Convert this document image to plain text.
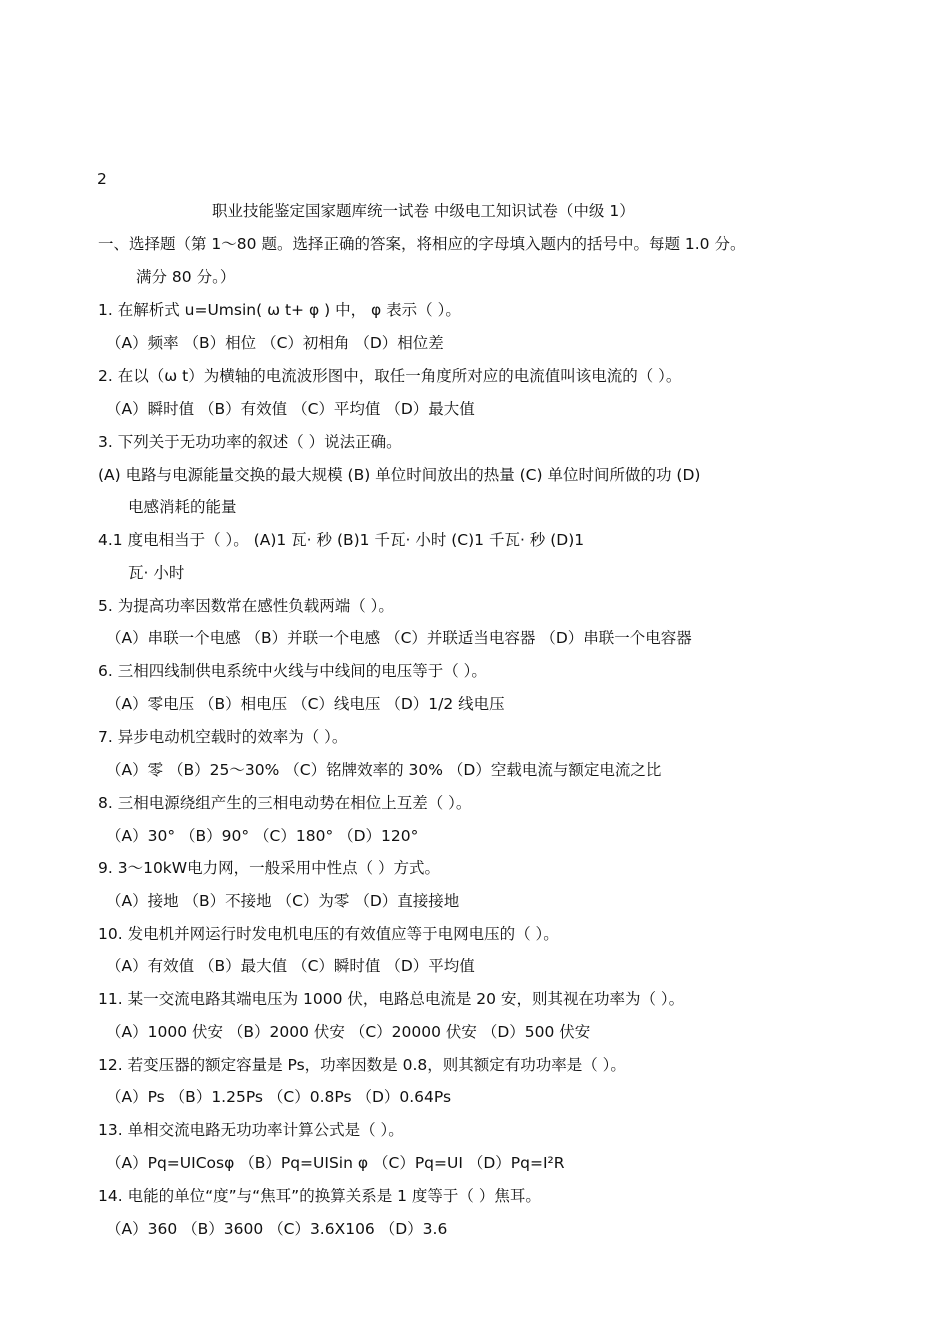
2
职业技能鉴定国家题库统一试卷 中级电工知识试卷（中级 1）
一、选择题（第 1～80 题。选择正确的答案，将相应的字母填入题内的括号中。每题 1.0 分。
满分 80 分。）
1. 在解析式 u=Umsin( ω t+ φ ) 中， φ 表示（ ）。
（A）频率 （B）相位 （C）初相角 （D）相位差
2. 在以（ω t）为横轴的电流波形图中，取任一角度所对应的电流值叫该电流的（ ）。
（A）瞬时值 （B）有效值 （C）平均值 （D）最大值
3. 下列关于无功功率的叙述（ ）说法正确。
(A) 电路与电源能量交换的最大规模 (B) 单位时间放出的热量 (C) 单位时间所做的功 (D)
电感消耗的能量
4.1 度电相当于（ ）。 (A)1 瓦· 秒 (B)1 千瓦· 小时 (C)1 千瓦· 秒 (D)1
瓦· 小时
5. 为提高功率因数常在感性负载两端（ ）。
（A）串联一个电感 （B）并联一个电感 （C）并联适当电容器 （D）串联一个电容器
6. 三相四线制供电系统中火线与中线间的电压等于（ ）。
（A）零电压 （B）相电压 （C）线电压 （D）1/2 线电压
7. 异步电动机空载时的效率为（ ）。
（A）零 （B）25～30% （C）铭牌效率的 30% （D）空载电流与额定电流之比
8. 三相电源绕组产生的三相电动势在相位上互差（ ）。
（A）30° （B）90° （C）180° （D）120°
9. 3～10kW电力网，一般采用中性点（ ）方式。
（A）接地 （B）不接地 （C）为零 （D）直接接地
10. 发电机并网运行时发电机电压的有效值应等于电网电压的（ ）。
（A）有效值 （B）最大值 （C）瞬时值 （D）平均值
11. 某一交流电路其端电压为 1000 伏，电路总电流是 20 安，则其视在功率为（ ）。
（A）1000 伏安 （B）2000 伏安 （C）20000 伏安 （D）500 伏安
12. 若变压器的额定容量是 Ps，功率因数是 0.8，则其额定有功功率是（ ）。
（A）Ps （B）1.25Ps （C）0.8Ps （D）0.64Ps
13. 单相交流电路无功功率计算公式是（ ）。
（A）Pq=UICosφ （B）Pq=UISin φ （C）Pq=UI （D）Pq=I²R
14. 电能的单位“度”与“焦耳”的换算关系是 1 度等于（ ）焦耳。
（A）360 （B）3600 （C）3.6X106 （D）3.6
